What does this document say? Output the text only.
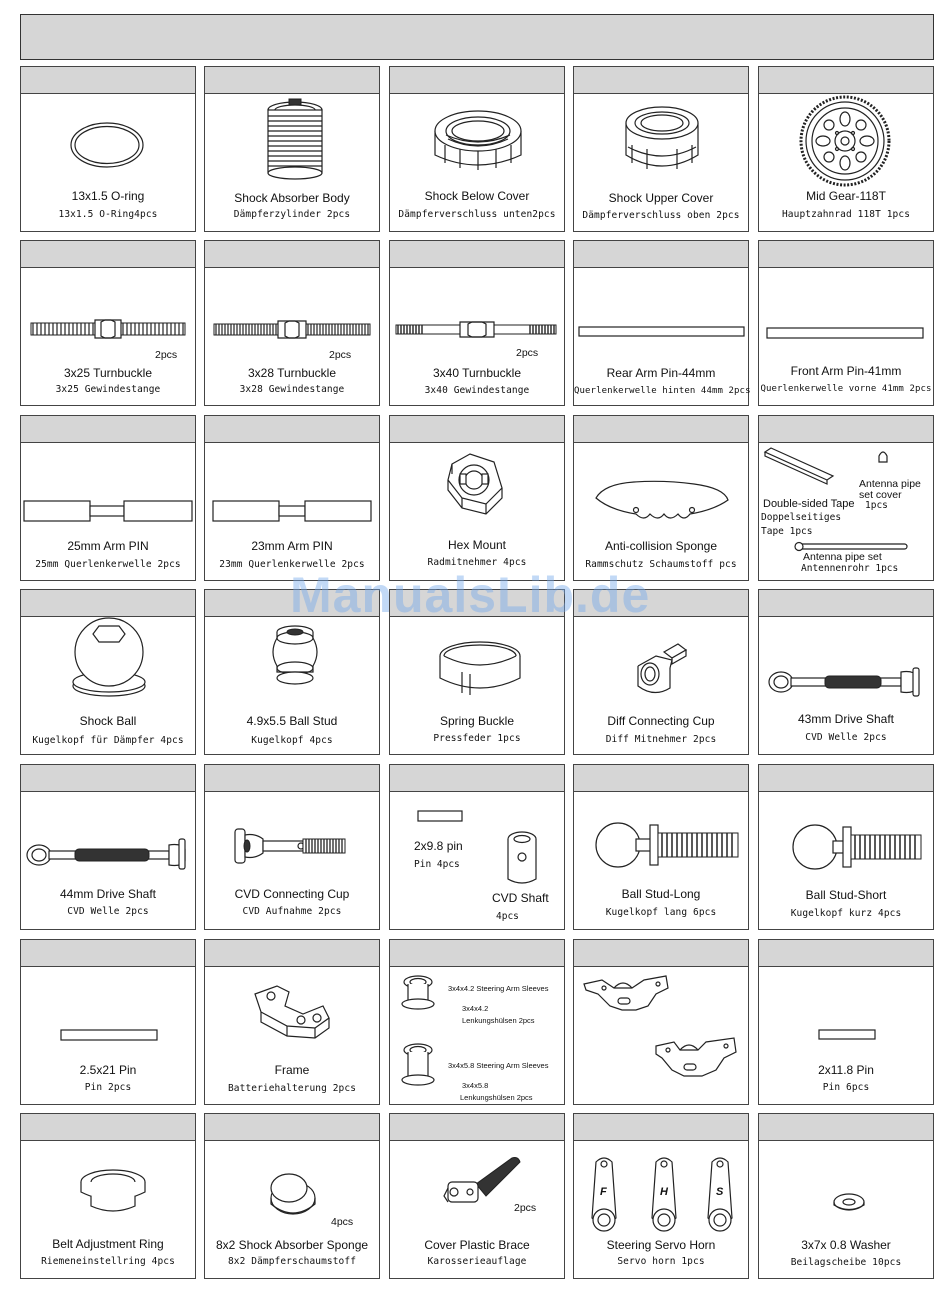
13x1.5 O-ring
13x1.5 O-Ring4pcs
Shock Absorber Body
Dämpferzylinder 2pcs
Shock Below Cover
Dämpferverschluss unten2pcs
Shock Upper Cover
Dämpferverschluss oben 2pcs
Mid Gear-118T
Hauptzahnrad 118T 1pcs
2pcs
3x25 Turnbuckle
3x25 Gewindestange
2pcs
3x28 Turnbuckle
3x28 Gewindestange
2pcs
3x40 Turnbuckle
3x40 Gewindestange
Rear Arm Pin-44mm
Querlenkerwelle hinten 44mm 2pcs
Front Arm Pin-41mm
Querlenkerwelle vorne 41mm 2pcs
25mm Arm PIN
25mm Querlenkerwelle 2pcs
23mm Arm PIN
23mm Querlenkerwelle 2pcs
Hex Mount
Radmitnehmer 4pcs
Anti-collision Sponge
Rammschutz Schaumstoff pcs
Double-sided Tape
Doppelseitiges
Tape 1pcs
Antenna pipe
set cover
1pcs
Antenna pipe set
Antennenrohr 1pcs
Shock Ball
Kugelkopf für Dämpfer 4pcs
4.9x5.5 Ball Stud
Kugelkopf 4pcs
Spring Buckle
Pressfeder 1pcs
Diff Connecting Cup
Diff Mitnehmer 2pcs
Team C 43mm
43mm Drive Shaft
CVD Welle 2pcs
Team C 44mm
44mm Drive Shaft
CVD Welle 2pcs
CVD Connecting Cup
CVD Aufnahme 2pcs
2x9.8 pin
Pin 4pcs
CVD Shaft
4pcs
Ball Stud-Long
Kugelkopf lang 6pcs
Ball Stud-Short
Kugelkopf kurz 4pcs
2.5x21 Pin
Pin 2pcs
Frame
Batteriehalterung 2pcs
3x4x4.2 Steering Arm Sleeves
3x4x4.2
Lenkungshülsen 2pcs
3x4x5.8 Steering Arm Sleeves
3x4x5.8
Lenkungshülsen 2pcs
2x11.8 Pin
Pin 6pcs
Belt Adjustment Ring
Riemeneinstellring 4pcs
4pcs
8x2 Shock Absorber Sponge
8x2 Dämpferschaumstoff
2pcs
Cover Plastic Brace
Karosserieauflage
F	H	S
Steering Servo Horn
Servo horn 1pcs
3x7x 0.8 Washer
Beilagscheibe 10pcs
ManualsLib.de
